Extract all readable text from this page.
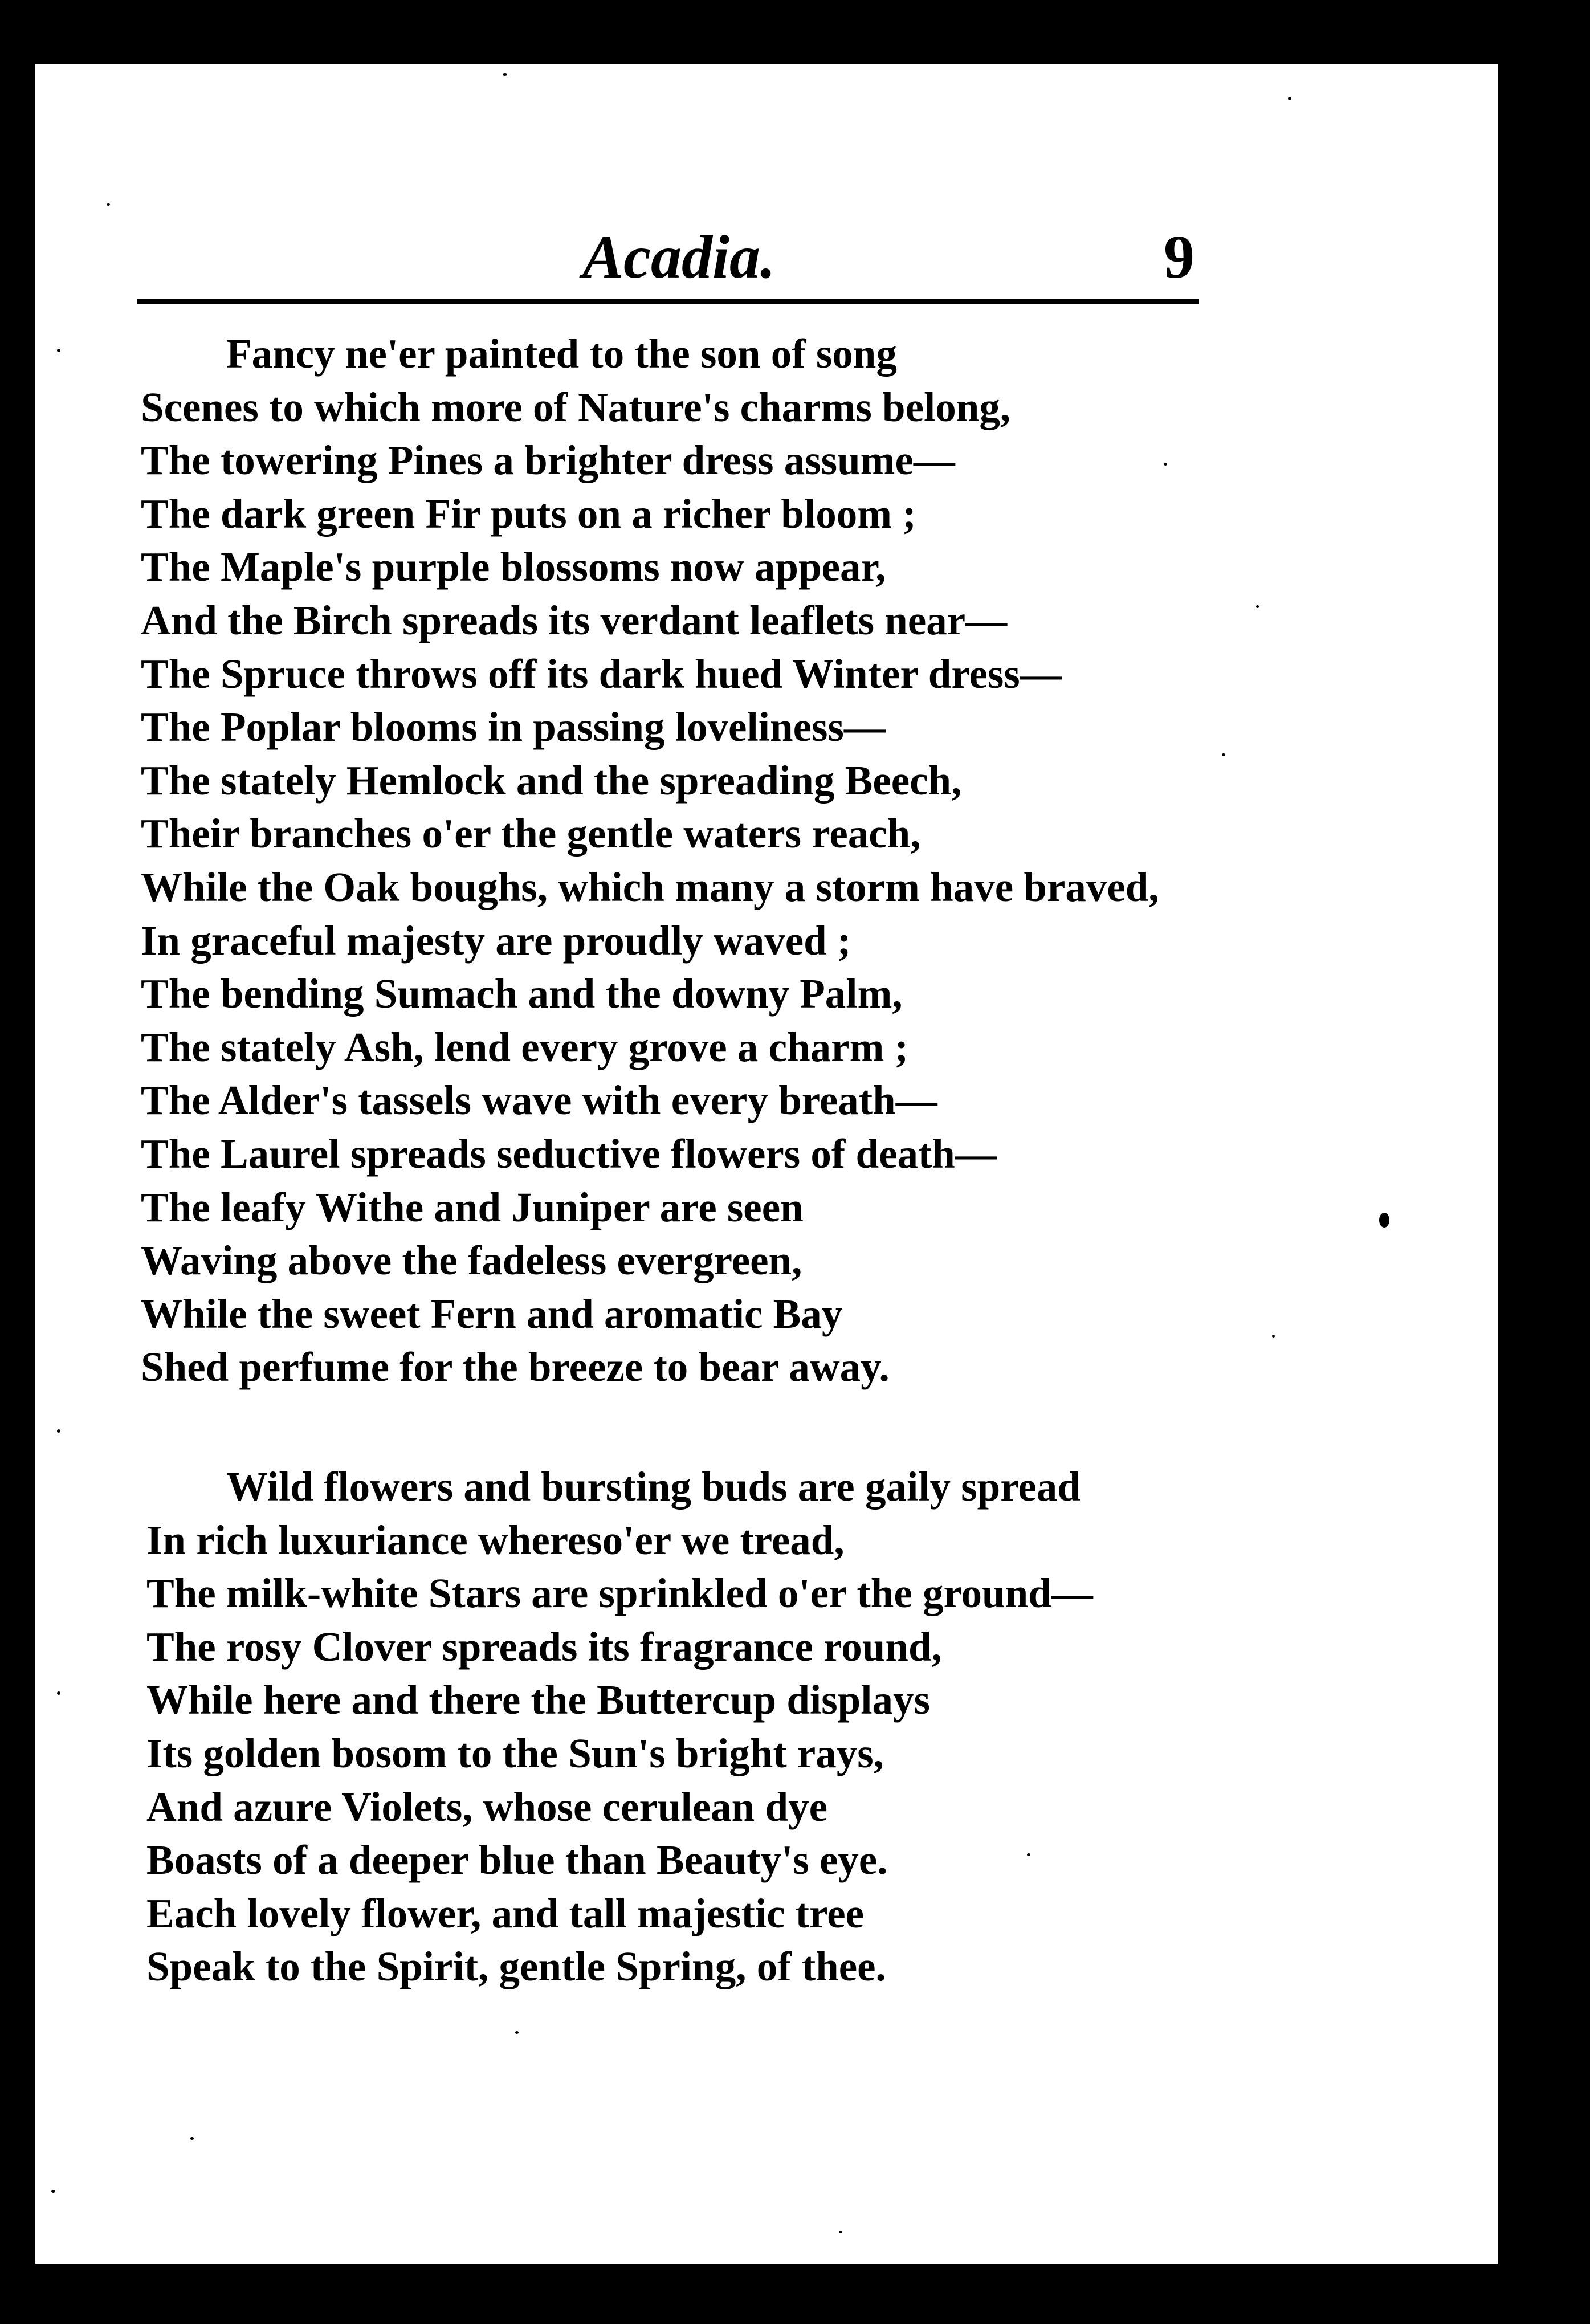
Acadia.	9
Fancy ne'er painted to the son of song
Scenes to which more of Nature's charms belong,
The towering Pines a brighter dress assume—
The dark green Fir puts on a richer bloom ;
The Maple's purple blossoms now appear,
And the Birch spreads its verdant leaflets near—
The Spruce throws off its dark hued Winter dress—
The Poplar blooms in passing loveliness—
The stately Hemlock and the spreading Beech,
Their branches o'er the gentle waters reach,
While the Oak boughs, which many a storm have braved,
In graceful majesty are proudly waved ;
The bending Sumach and the downy Palm,
The stately Ash, lend every grove a charm ;
The Alder's tassels wave with every breath—
The Laurel spreads seductive flowers of death—
The leafy Withe and Juniper are seen
Waving above the fadeless evergreen,
While the sweet Fern and aromatic Bay
Shed perfume for the breeze to bear away.
Wild flowers and bursting buds are gaily spread
In rich luxuriance whereso'er we tread,
The milk-white Stars are sprinkled o'er the ground—
The rosy Clover spreads its fragrance round,
While here and there the Buttercup displays
Its golden bosom to the Sun's bright rays,
And azure Violets, whose cerulean dye
Boasts of a deeper blue than Beauty's eye.
Each lovely flower, and tall majestic tree
Speak to the Spirit, gentle Spring, of thee.
